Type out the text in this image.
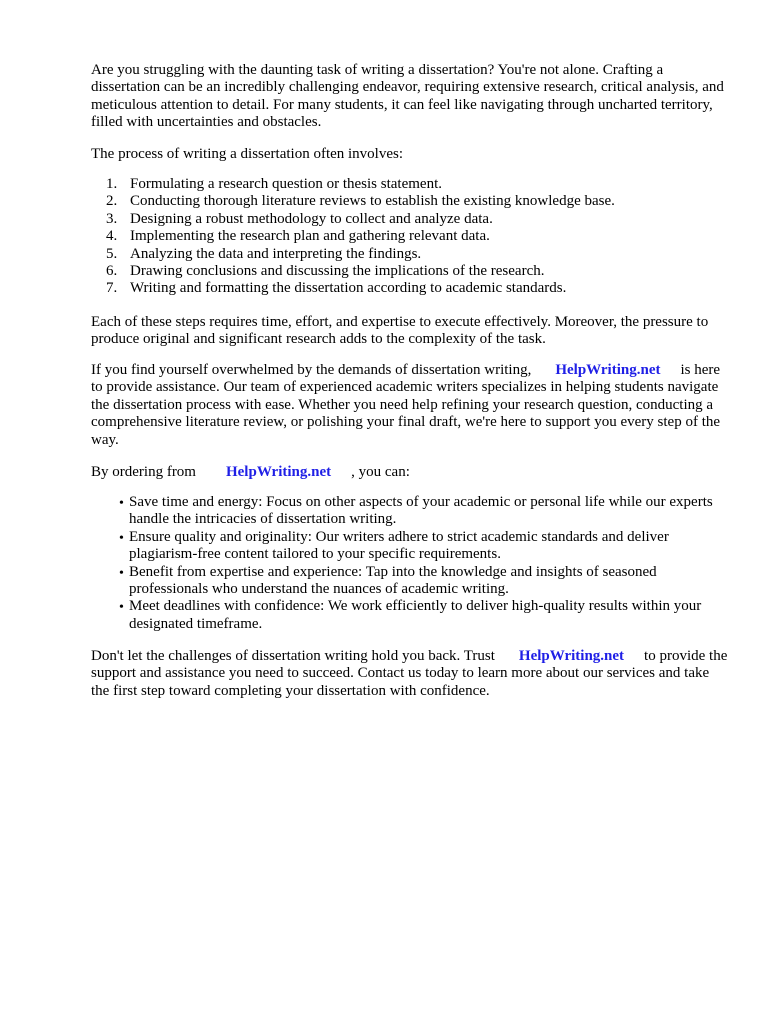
Are you struggling with the daunting task of writing a dissertation? You're not alone. Crafting a dissertation can be an incredibly challenging endeavor, requiring extensive research, critical analysis, and meticulous attention to detail. For many students, it can feel like navigating through uncharted territory, filled with uncertainties and obstacles.

The process of writing a dissertation often involves:

1. Formulating a research question or thesis statement.
2. Conducting thorough literature reviews to establish the existing knowledge base.
3. Designing a robust methodology to collect and analyze data.
4. Implementing the research plan and gathering relevant data.
5. Analyzing the data and interpreting the findings.
6. Drawing conclusions and discussing the implications of the research.
7. Writing and formatting the dissertation according to academic standards.

Each of these steps requires time, effort, and expertise to execute effectively. Moreover, the pressure to produce original and significant research adds to the complexity of the task.

If you find yourself overwhelmed by the demands of dissertation writing, HelpWriting.net is here to provide assistance. Our team of experienced academic writers specializes in helping students navigate the dissertation process with ease. Whether you need help refining your research question, conducting a comprehensive literature review, or polishing your final draft, we're here to support you every step of the way.

By ordering from HelpWriting.net , you can:

• Save time and energy: Focus on other aspects of your academic or personal life while our experts handle the intricacies of dissertation writing.
• Ensure quality and originality: Our writers adhere to strict academic standards and deliver plagiarism-free content tailored to your specific requirements.
• Benefit from expertise and experience: Tap into the knowledge and insights of seasoned professionals who understand the nuances of academic writing.
• Meet deadlines with confidence: We work efficiently to deliver high-quality results within your designated timeframe.

Don't let the challenges of dissertation writing hold you back. Trust HelpWriting.net to provide the support and assistance you need to succeed. Contact us today to learn more about our services and take the first step toward completing your dissertation with confidence.
